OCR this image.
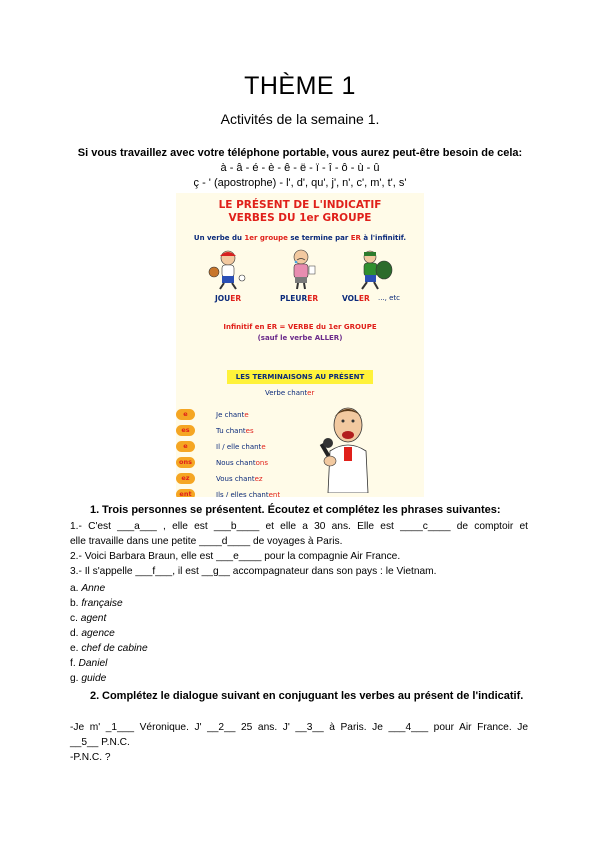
THÈME 1
Activités de la semaine 1.
Si vous travaillez avec votre téléphone portable, vous aurez peut-être besoin de cela:
à - â - é - è - ê - ë - ï - î - ô - ù - û
ç - ' (apostrophe) - l', d', qu', j', n', c', m', t', s'
LE PRÉSENT DE L'INDICATIF
VERBES DU 1er GROUPE
Un verbe du 1er groupe se termine par ER à l'infinitif.
JOUER	PLEURER	VOLER ..., etc
Infinitif en ER = VERBE du 1er GROUPE
(sauf le verbe ALLER)
LES TERMINAISONS AU PRÉSENT
Verbe chanter
e
es
e
ons
ez
ent
Je chante
Tu chantes
Il / elle chante
Nous chantons
Vous chantez
Ils / elles chantent
1. Trois personnes se présentent. Écoutez et complétez les phrases suivantes:
1.- C'est ___a___ , elle est ___b____ et elle a 30 ans. Elle est ____c____ de comptoir et
elle travaille dans une petite ____d____ de voyages à Paris.
2.- Voici Barbara Braun, elle est ___e____ pour la compagnie Air France.
3.- Il s'appelle ___f___, il est __g__ accompagnateur dans son pays : le Vietnam.
a. Anne
b. française
c. agent
d. agence
e. chef de cabine
f. Daniel
g. guide
2. Complétez le dialogue suivant en conjuguant les verbes au présent de l'indicatif.
-Je m' _1___ Véronique. J' __2__ 25 ans. J' __3__ à Paris. Je ___4___ pour Air France. Je
__5__ P.N.C.
-P.N.C. ?
